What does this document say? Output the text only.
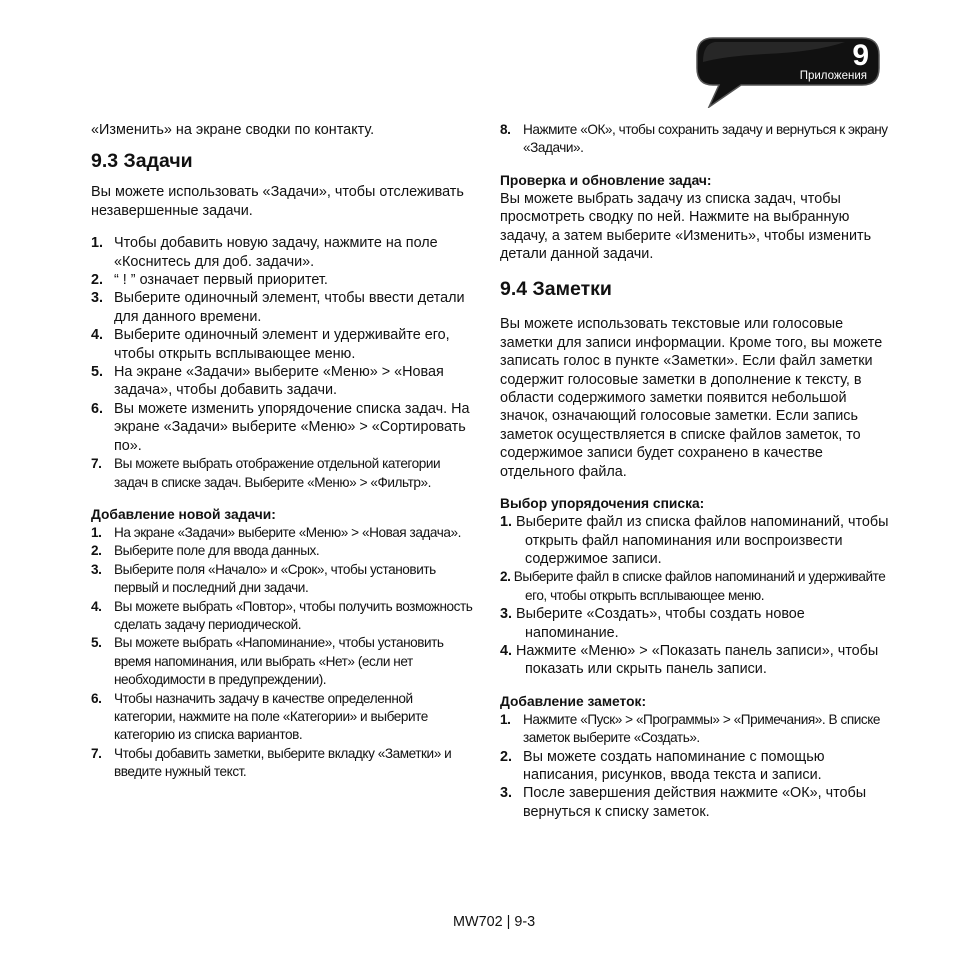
9
Приложения

«Изменить» на экране сводки по контакту.

9.3 Задачи

Вы можете использовать «Задачи», чтобы отслеживать незавершенные задачи.

1. Чтобы добавить новую задачу, нажмите на поле «Коснитесь для доб. задачи».
2. “ ! ” означает первый приоритет.
3. Выберите одиночный элемент, чтобы ввести детали для данного времени.
4. Выберите одиночный элемент и удерживайте его, чтобы открыть всплывающее меню.
5. На экране «Задачи» выберите «Меню» > «Новая задача», чтобы добавить задачи.
6. Вы можете изменить упорядочение списка задач. На экране «Задачи» выберите «Меню» > «Сортировать по».
7. Вы можете выбрать отображение отдельной категории задач в списке задач. Выберите «Меню» > «Фильтр».
Добавление новой задачи:
1. На экране «Задачи» выберите «Меню» > «Новая задача».
2. Выберите поле для ввода данных.
3. Выберите поля «Начало» и «Срок», чтобы установить первый и последний дни задачи.
4. Вы можете выбрать «Повтор», чтобы получить возможность сделать задачу периодической.
5. Вы можете выбрать «Напоминание», чтобы установить время напоминания, или выбрать «Нет» (если нет необходимости в предупреждении).
6. Чтобы назначить задачу в качестве определенной категории, нажмите на поле «Категории» и выберите категорию из списка вариантов.
7. Чтобы добавить заметки, выберите вкладку «Заметки» и введите нужный текст.
8. Нажмите «ОК», чтобы сохранить задачу и вернуться к экрану «Задачи».
Проверка и обновление задач:

Вы можете выбрать задачу из списка задач, чтобы просмотреть сводку по ней. Нажмите на выбранную задачу, а затем выберите «Изменить», чтобы изменить детали данной задачи.

9.4 Заметки

Вы можете использовать текстовые или голосовые заметки для записи информации. Кроме того, вы можете записать голос в пункте «Заметки». Если файл заметки содержит голосовые заметки в дополнение к тексту, в области содержимого заметки появится небольшой значок, означающий голосовые заметки. Если запись заметок осуществляется в списке файлов заметок, то содержимое записи будет сохранено в качестве отдельного файла.

Выбор упорядочения списка:
1. Выберите файл из списка файлов напоминаний, чтобы открыть файл напоминания или воспроизвести содержимое записи.
2. Выберите файл в списке файлов напоминаний и удерживайте его, чтобы открыть всплывающее меню.
3. Выберите «Создать», чтобы создать новое напоминание.
4. Нажмите «Меню» > «Показать панель записи», чтобы показать или скрыть панель записи.
Добавление заметок:
1. Нажмите «Пуск» > «Программы» > «Примечания». В списке заметок выберите «Создать».
2. Вы можете создать напоминание с помощью написания, рисунков, ввода текста и записи.
3. После завершения действия нажмите «ОК», чтобы вернуться к списку заметок.
MW702 | 9-3
